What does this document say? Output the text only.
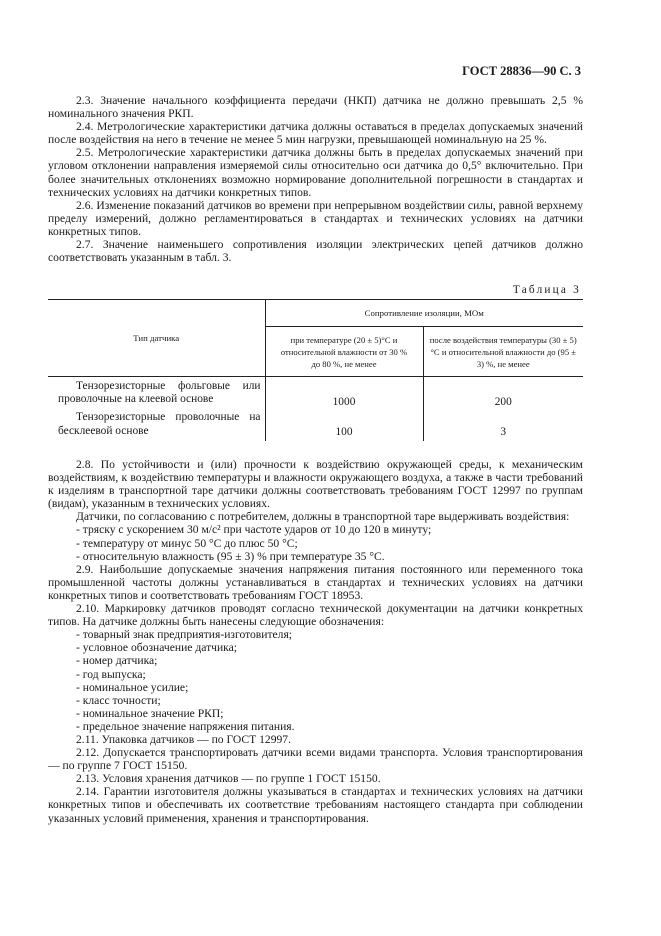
ГОСТ 28836—90 С. 3

2.3. Значение начального коэффициента передачи (НКП) датчика не должно превышать 2,5 % номинального значения РКП.

2.4. Метрологические характеристики датчика должны оставаться в пределах допускаемых значений после воздействия на него в течение не менее 5 мин нагрузки, превышающей номинальную на 25 %.

2.5. Метрологические характеристики датчика должны быть в пределах допускаемых значений при угловом отклонении направления измеряемой силы относительно оси датчика до 0,5° включительно. При более значительных отклонениях возможно нормирование дополнительной погрешности в стандартах и технических условиях на датчики конкретных типов.

2.6. Изменение показаний датчиков во времени при непрерывном воздействии силы, равной верхнему пределу измерений, должно регламентироваться в стандартах и технических условиях на датчики конкретных типов.

2.7. Значение наименьшего сопротивления изоляции электрических цепей датчиков должно соответствовать указанным в табл. 3.

Таблица 3
Тип датчика	Сопротивление изоляции, МОм	
	при температуре (20 ± 5)°С и относительной влажности от 30 % до 80 %, не менее	после воздействия температуры (30 ± 5) °С и относительной влажности до (95 ± 3) %, не менее
Тензорезисторные фольговые или проволочные на клеевой основе	1000	200
Тензорезисторные проволочные на бесклеевой основе	100	3

2.8. По устойчивости и (или) прочности к воздействию окружающей среды, к механическим воздействиям, к воздействию температуры и влажности окружающего воздуха, а также в части требований к изделиям в транспортной таре датчики должны соответствовать требованиям ГОСТ 12997 по группам (видам), указанным в технических условиях.

Датчики, по согласованию с потребителем, должны в транспортной таре выдерживать воздействия:

- тряску с ускорением 30 м/с² при частоте ударов от 10 до 120 в минуту;

- температуру от минус 50 °С до плюс 50 °С;

- относительную влажность (95 ± 3) % при температуре 35 °С.

2.9. Наибольшие допускаемые значения напряжения питания постоянного или переменного тока промышленной частоты должны устанавливаться в стандартах и технических условиях на датчики конкретных типов и соответствовать требованиям ГОСТ 18953.

2.10. Маркировку датчиков проводят согласно технической документации на датчики конкретных типов. На датчике должны быть нанесены следующие обозначения:

- товарный знак предприятия-изготовителя;

- условное обозначение датчика;

- номер датчика;

- год выпуска;

- номинальное усилие;

- класс точности;

- номинальное значение РКП;

- предельное значение напряжения питания.

2.11. Упаковка датчиков — по ГОСТ 12997.

2.12. Допускается транспортировать датчики всеми видами транспорта. Условия транспортирования — по группе 7 ГОСТ 15150.

2.13. Условия хранения датчиков — по группе 1 ГОСТ 15150.

2.14. Гарантии изготовителя должны указываться в стандартах и технических условиях на датчики конкретных типов и обеспечивать их соответствие требованиям настоящего стандарта при соблюдении указанных условий применения, хранения и транспортирования.
